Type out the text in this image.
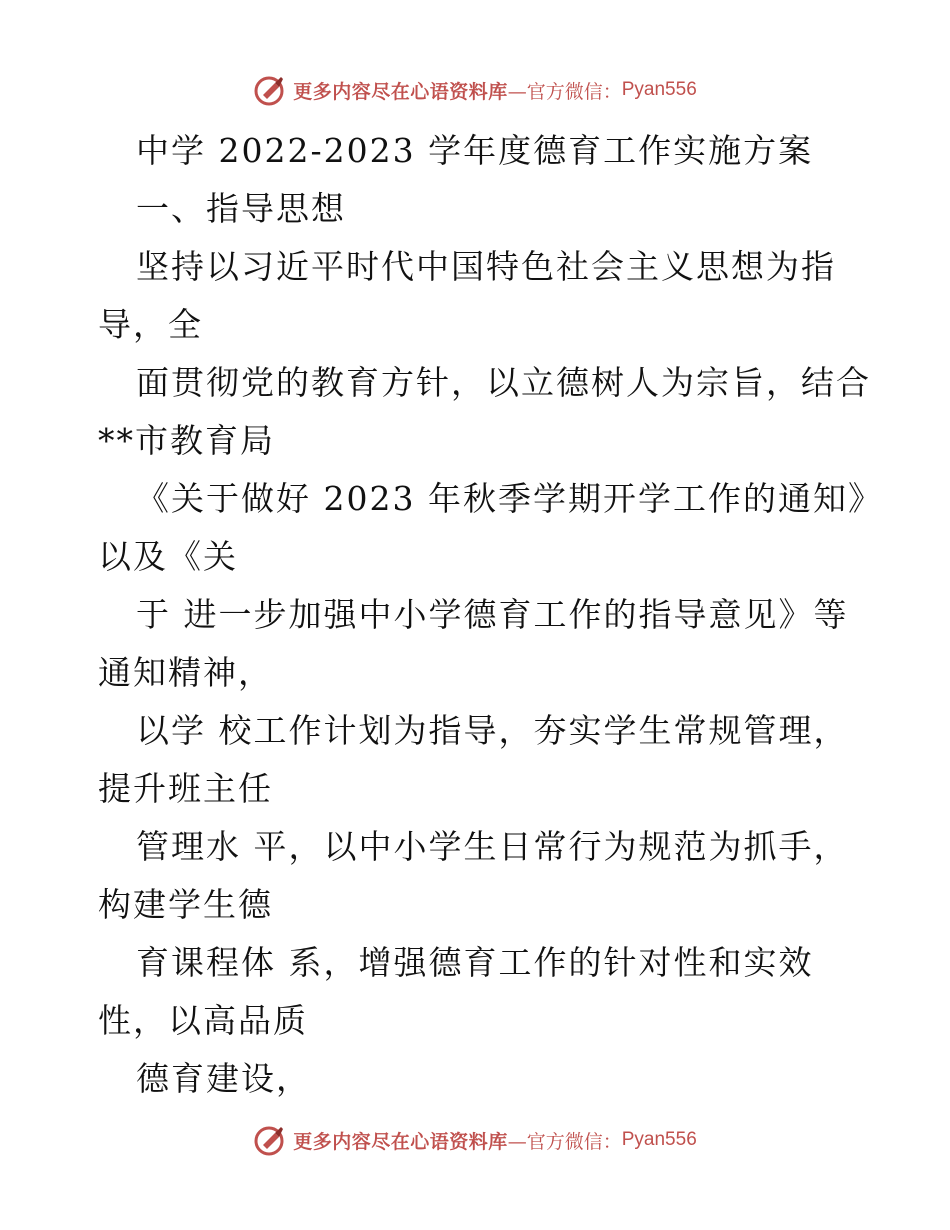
更多内容尽在心语资料库 —官方微信： Pyan556
中学 2022-2023 学年度德育工作实施方案
一、指导思想
坚持以习近平时代中国特色社会主义思想为指
导，全
面贯彻党的教育方针，以立德树人为宗旨，结合
**市教育局
《关于做好 2023 年秋季学期开学工作的通知》
以及《关
于 进一步加强中小学德育工作的指导意见》等
通知精神，
以学 校工作计划为指导，夯实学生常规管理，
提升班主任
管理水 平，以中小学生日常行为规范为抓手，
构建学生德
育课程体 系，增强德育工作的针对性和实效
性，以高品质
德育建设，
更多内容尽在心语资料库 —官方微信： Pyan556
